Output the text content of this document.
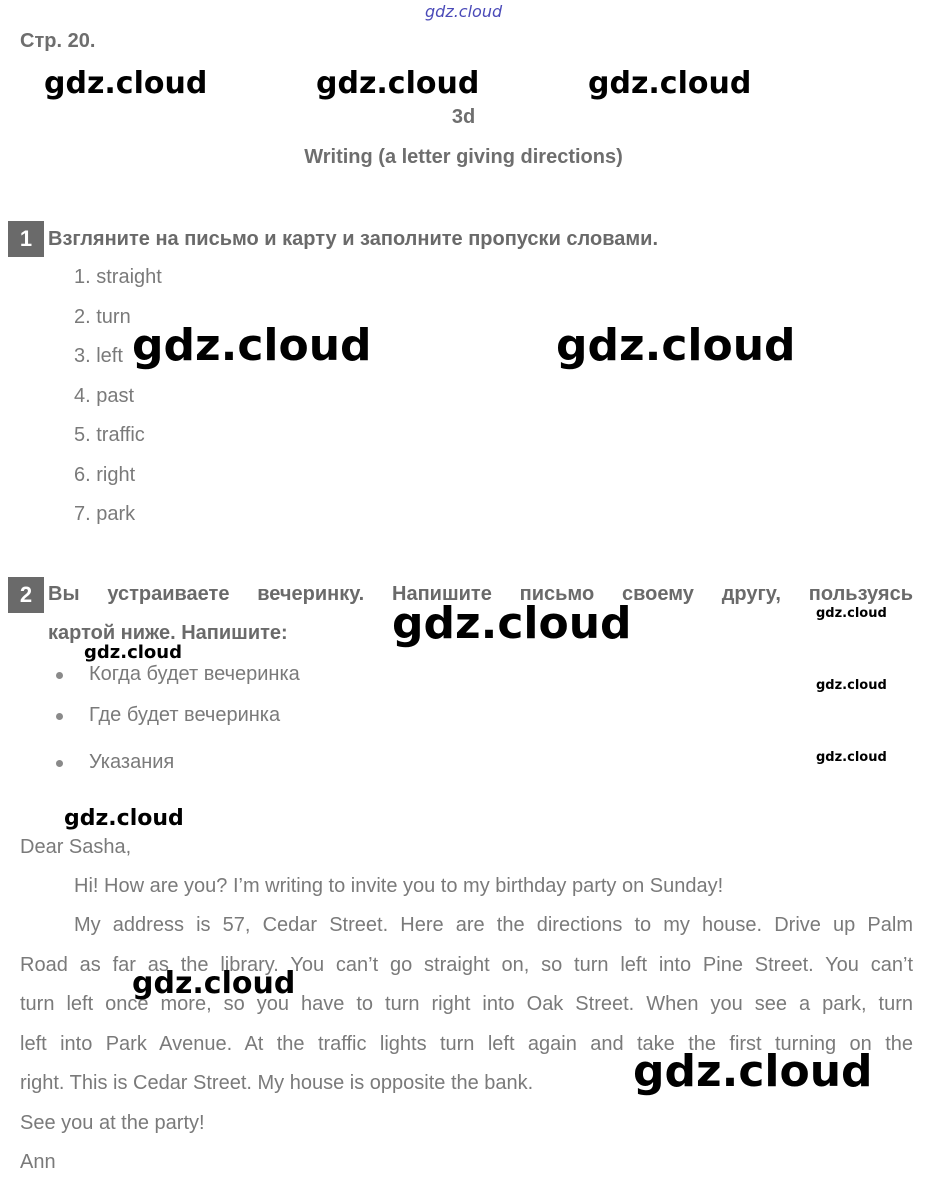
gdz.cloud
Стр. 20.
gdz.cloud	gdz.cloud	gdz.cloud
3d
Writing (a letter giving directions)
1 Взгляните на письмо и карту и заполните пропуски словами.
1. straight
2. turn
3. left
4. past
5. traffic
6. right
7. park
gdz.cloud	gdz.cloud
2 Вы устраиваете вечеринку. Напишите письмо своему другу, пользуясь
картой ниже. Напишите: gdz.cloud
gdz.cloud
gdz.cloud
gdz.cloud
gdz.cloud
Когда будет вечеринка
Где будет вечеринка
Указания
gdz.cloud
Dear Sasha,
Hi! How are you? I’m writing to invite you to my birthday party on Sunday!
My address is 57, Cedar Street. Here are the directions to my house. Drive up Palm
Road as far as the library. You can’t go straight on, so turn left into Pine Street. You can’t
turn left once more, so you have to turn right into Oak Street. When you see a park, turn
left into Park Avenue. At the traffic lights turn left again and take the first turning on the
right. This is Cedar Street. My house is opposite the bank.
See you at the party!
Ann
gdz.cloud
gdz.cloud
